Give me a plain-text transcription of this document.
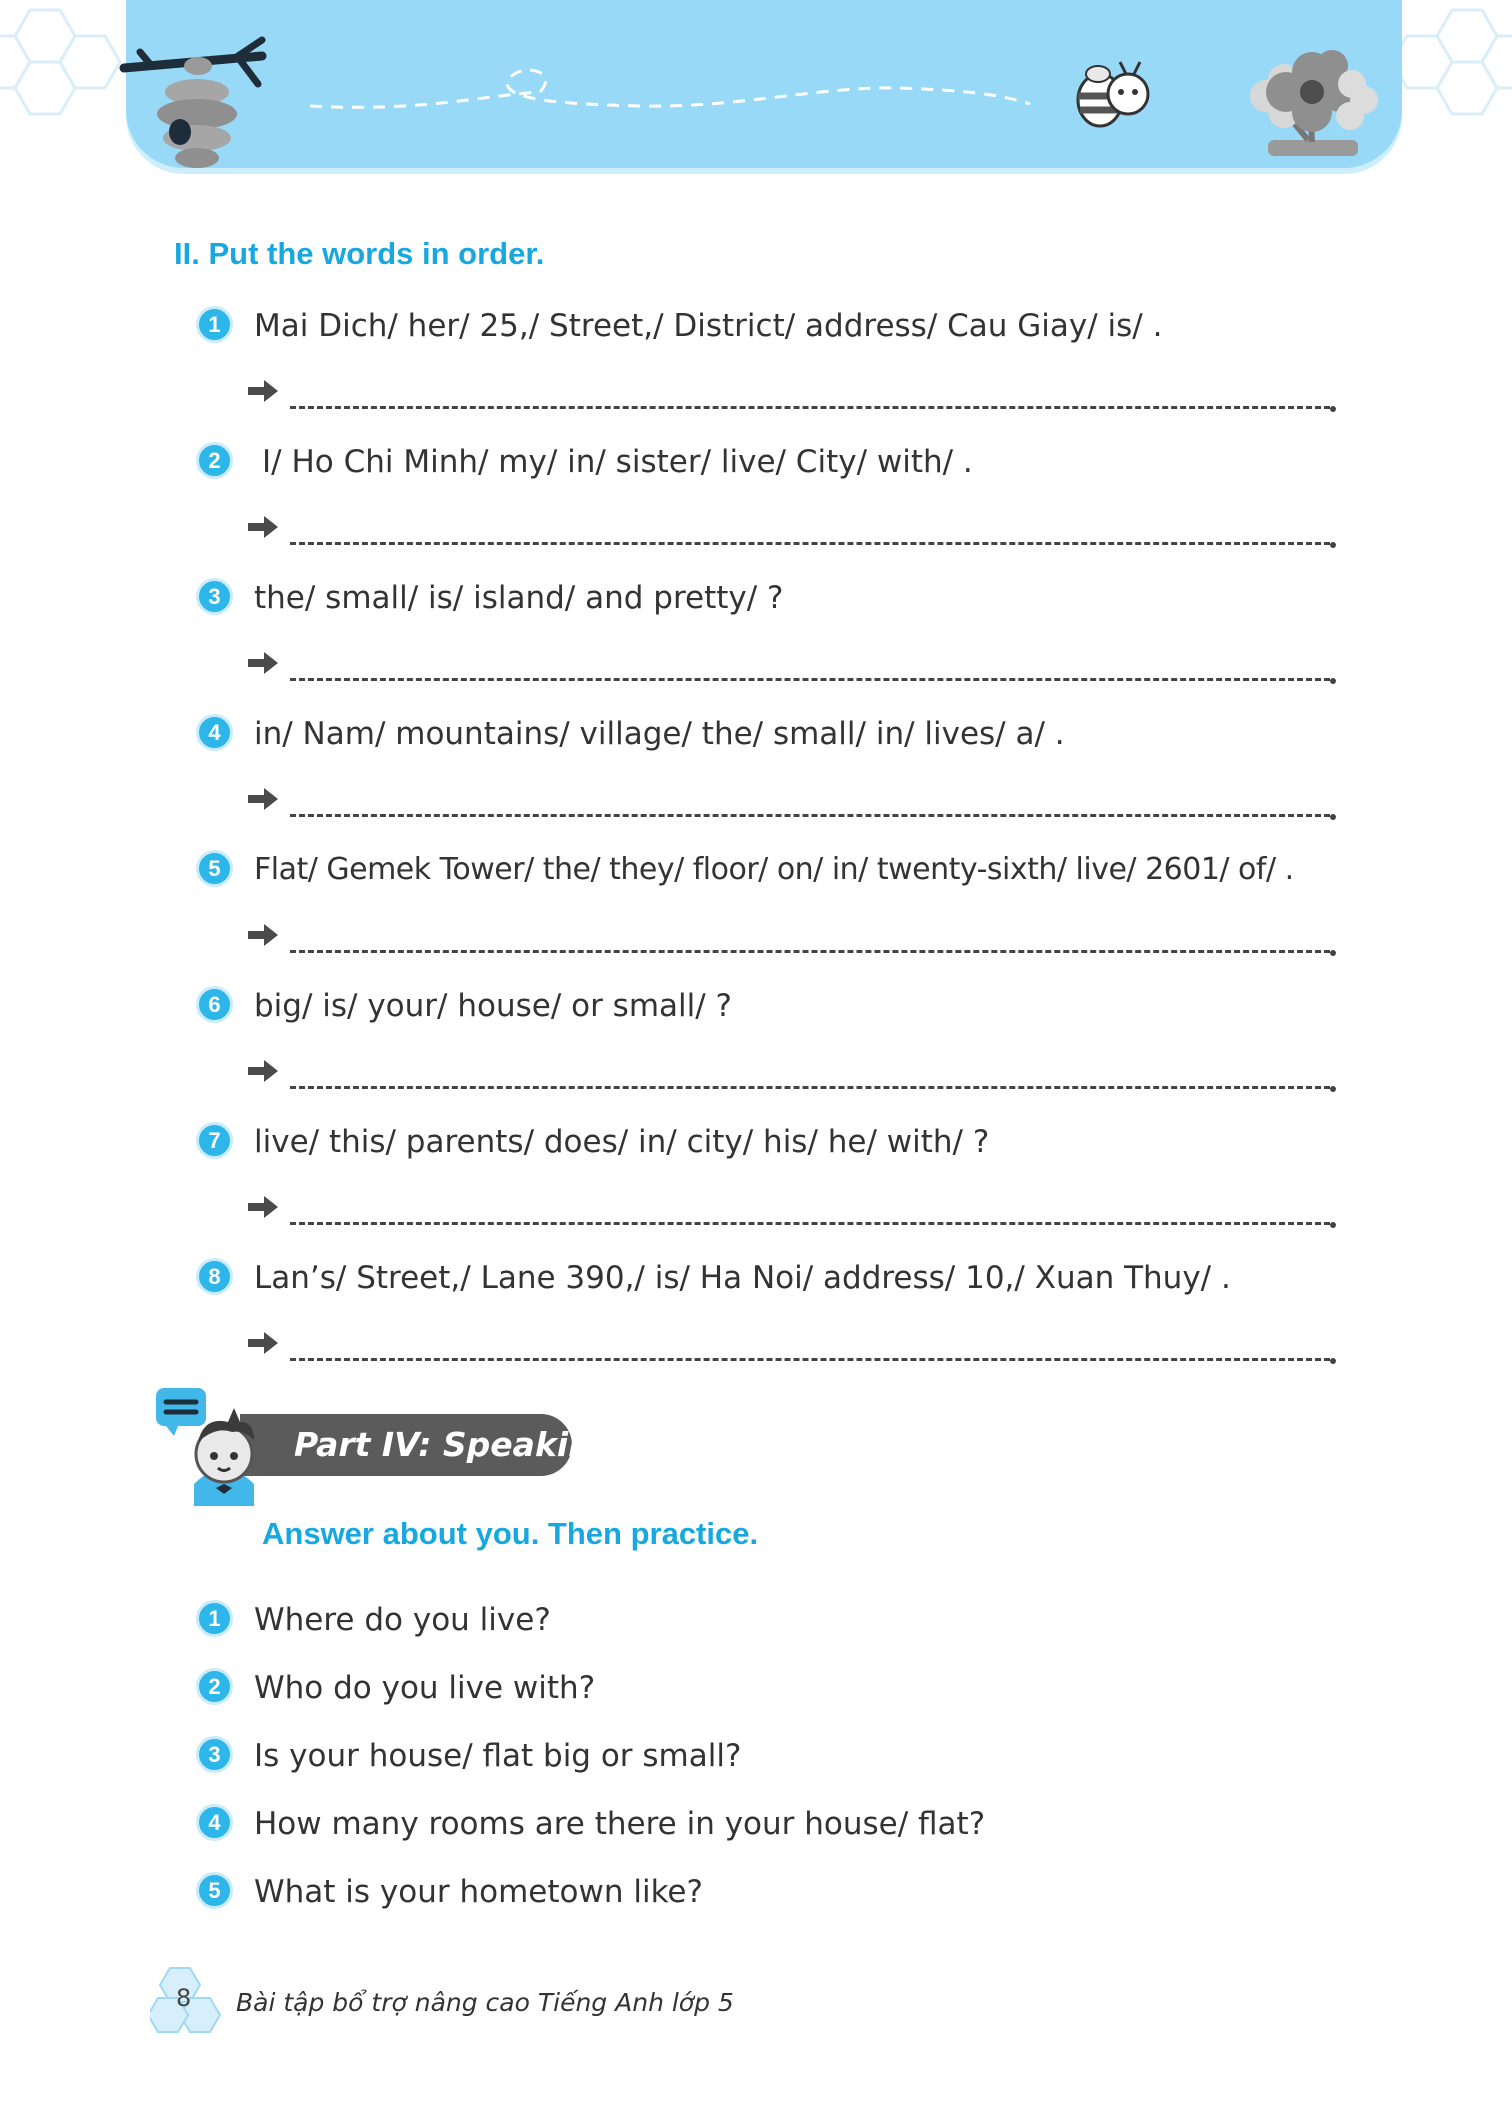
II. Put the words in order.
1	Mai Dich/ her/ 25,/ Street,/ District/ address/ Cau Giay/ is/ .
2	I/ Ho Chi Minh/ my/ in/ sister/ live/ City/ with/ .
3	the/ small/ is/ island/ and pretty/ ?
4	in/ Nam/ mountains/ village/ the/ small/ in/ lives/ a/ .
5	Flat/ Gemek Tower/ the/ they/ floor/ on/ in/ twenty-sixth/ live/ 2601/ of/ .
6	big/ is/ your/ house/ or small/ ?
7	live/ this/ parents/ does/ in/ city/ his/ he/ with/ ?
8	Lan’s/ Street,/ Lane 390,/ is/ Ha Noi/ address/ 10,/ Xuan Thuy/ .
Part IV: Speaking
Answer about you. Then practice.
1	Where do you live?
2	Who do you live with?
3	Is your house/ flat big or small?
4	How many rooms are there in your house/ flat?
5	What is your hometown like?
8 Bài tập bổ trợ nâng cao Tiếng Anh lớp 5
